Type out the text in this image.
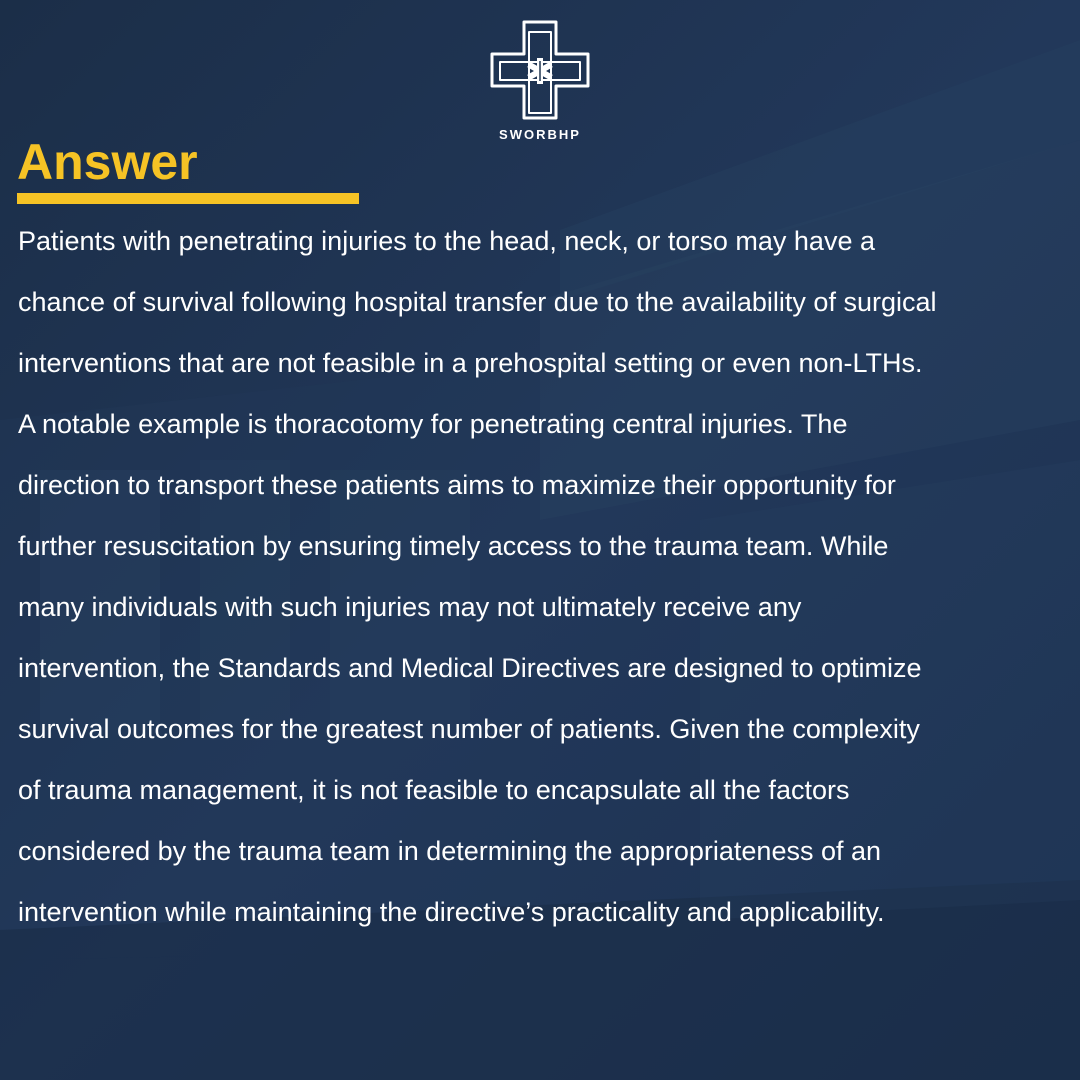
SWORBHP
Answer

Patients with penetrating injuries to the head, neck, or torso may have a
chance of survival following hospital transfer due to the availability of surgical
interventions that are not feasible in a prehospital setting or even non-LTHs.
A notable example is thoracotomy for penetrating central injuries. The
direction to transport these patients aims to maximize their opportunity for
further resuscitation by ensuring timely access to the trauma team. While
many individuals with such injuries may not ultimately receive any
intervention, the Standards and Medical Directives are designed to optimize
survival outcomes for the greatest number of patients. Given the complexity
of trauma management, it is not feasible to encapsulate all the factors
considered by the trauma team in determining the appropriateness of an
intervention while maintaining the directive’s practicality and applicability.
